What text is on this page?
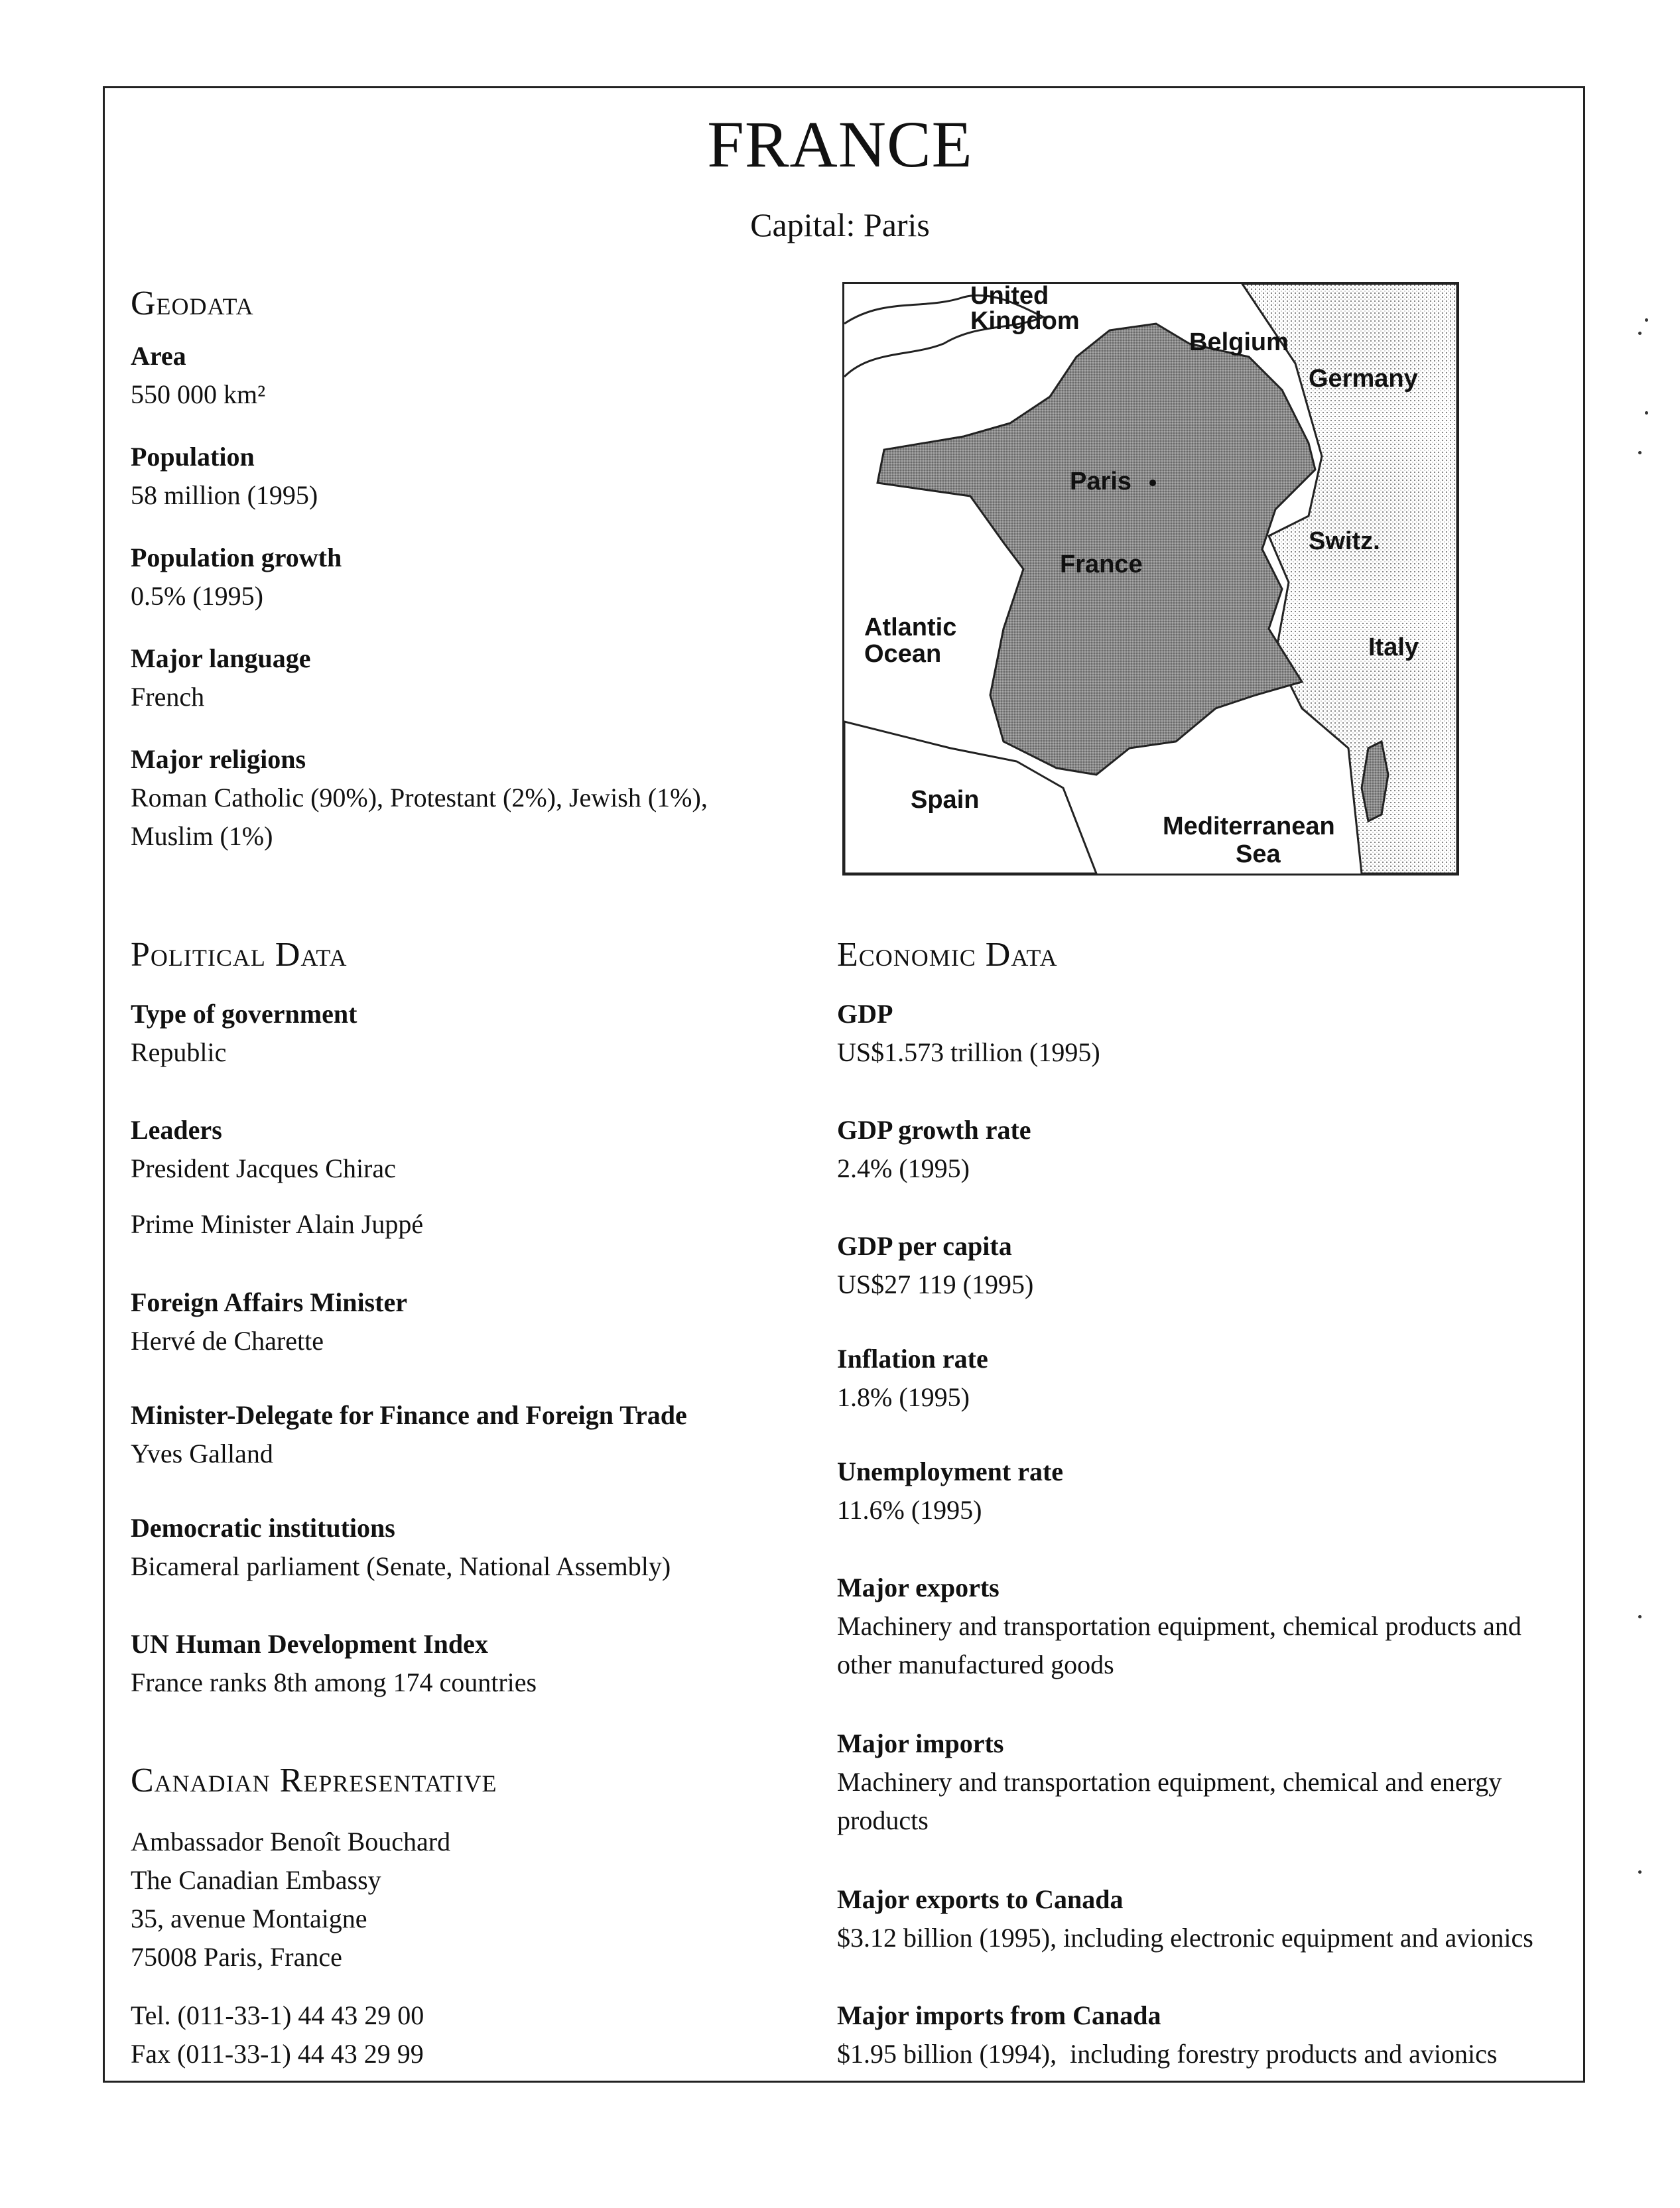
FRANCE
Capital: Paris
Geodata
Area
550 000 km²
Population
58 million (1995)
Population growth
0.5% (1995)
Major language
French
Major religions
Roman Catholic (90%), Protestant (2%), Jewish (1%),
Muslim (1%)
United
Kingdom
Belgium
Germany
Paris
France
Switz.
Atlantic
Ocean	Italy
Spain
Mediterranean
Sea
Political Data
Type of government
Republic
Leaders
President Jacques Chirac
Prime Minister Alain Juppé
Foreign Affairs Minister
Hervé de Charette
Minister-Delegate for Finance and Foreign Trade
Yves Galland
Democratic institutions
Bicameral parliament (Senate, National Assembly)
UN Human Development Index
France ranks 8th among 174 countries
Canadian Representative
Ambassador Benoît Bouchard
The Canadian Embassy
35, avenue Montaigne
75008 Paris, France
Tel. (011-33-1) 44 43 29 00
Fax (011-33-1) 44 43 29 99
Economic Data
GDP
US$1.573 trillion (1995)
GDP growth rate
2.4% (1995)
GDP per capita
US$27 119 (1995)
Inflation rate
1.8% (1995)
Unemployment rate
11.6% (1995)
Major exports
Machinery and transportation equipment, chemical products and
other manufactured goods
Major imports
Machinery and transportation equipment, chemical and energy
products
Major exports to Canada
$3.12 billion (1995), including electronic equipment and avionics
Major imports from Canada
$1.95 billion (1994),  including forestry products and avionics
